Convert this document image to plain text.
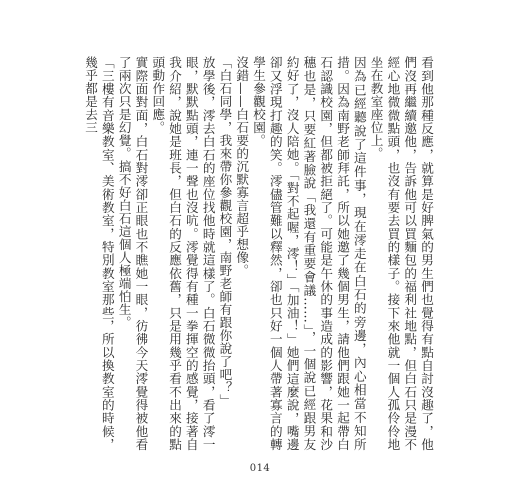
看到他那種反應，就算是好脾氣的男生們也覺得有點自討沒趣了，他們沒再繼續邀他，告訴他可以買麵包的福利社地點，但白石只是漫不經心地微微點頭，也沒有要去買的樣子。接下來他就一個人孤伶伶地坐在教室座位上。

因為已經聽說了這件事，現在澪走在白石的旁邊，內心相當不知所措。因為南野老師拜託，所以她邀了幾個男生，請他們跟她一起帶白石認識校園，但都被拒絕了。可能是午休的事造成的影響，花果和沙穗也是，只要紅著臉說「我還有重要會議……」，一個說已經跟男友約好了，沒人陪她。「對不起喔，澪！」「加油！」她們這麼說，嘴邊卻又浮現打趣的笑。澪儘管難以釋然，卻也只好一個人帶著寡言的轉學生參觀校園。

沒錯——白石要的沉默寡言超乎想像。

「白石同學，我來帶你參觀校園，南野老師有跟你說了吧？」

放學後，澪去白石的座位找他時就這樣了。白石微微抬頭，看了澪一眼，默默點頭，連一聲也沒吭。澪覺得有種一拳揮空的感覺，接著自我介紹，說她是班長，但白石的反應依舊，只是用幾乎看不出來的點頭動作回應。

實際面對面，白石對澪卻正眼也不瞧她一眼，彷彿今天澪覺得被他看了兩次只是幻覺。搞不好白石這個人極端怕生。

「三樓有音樂教室、美術教室，特別教室那些，所以換教室的時候，幾乎都是去三

014
